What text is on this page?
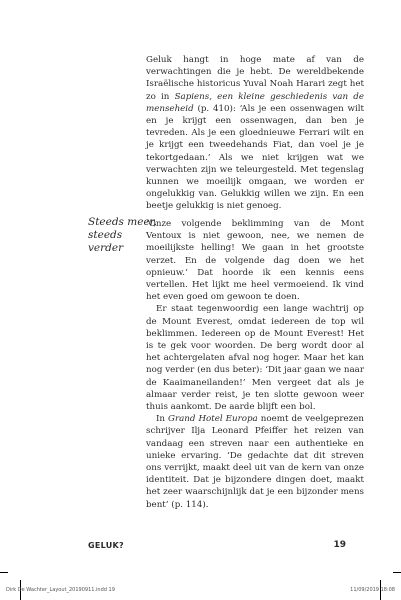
Geluk hangt in hoge mate af van de verwachtingen die je hebt. De wereldbekende Israëlische historicus Yuval Noah Harari zegt het zo in Sapiens, een kleine geschiedenis van de menseheid (p. 410): ‘Als je een ossenwagen wilt en je krijgt een ossenwagen, dan ben je tevreden. Als je een gloednieuwe Ferrari wilt en je krijgt een tweedehands Fiat, dan voel je je tekortgedaan.’ Als we niet krijgen wat we verwachten zijn we teleurgesteld. Met tegenslag kunnen we moeilijk omgaan, we worden er ongelukkig van. Gelukkig willen we zijn. En een beetje gelukkig is niet genoeg.

Steeds meer,
steeds verder

‘Onze volgende beklimming van de Mont Ventoux is niet gewoon, nee, we nemen de moeilijkste helling! We gaan in het grootste verzet. En de volgende dag doen we het opnieuw.’ Dat hoorde ik een kennis eens vertellen. Het lijkt me heel vermoeiend. Ik vind het even goed om gewoon te doen.

Er staat tegenwoordig een lange wachtrij op de Mount Everest, omdat iedereen de top wil beklimmen. Iedereen op de Mount Everest! Het is te gek voor woorden. De berg wordt door al het achtergelaten afval nog hoger. Maar het kan nog verder (en dus beter): ‘Dit jaar gaan we naar de Kaaimaneilanden!’ Men vergeet dat als je almaar verder reist, je ten slotte gewoon weer thuis aankomt. De aarde blijft een bol.

In Grand Hotel Europa noemt de veelgeprezen schrijver Ilja Leonard Pfeiffer het reizen van vandaag een streven naar een authentieke en unieke ervaring. ‘De gedachte dat dit streven ons verrijkt, maakt deel uit van de kern van onze identiteit. Dat je bijzondere dingen doet, maakt het zeer waarschijnlijk dat je een bijzonder mens bent’ (p. 114).

GELUK?	19
Dirk De Wachter_Layout_20190911.indd 19	11/09/2019 18:08
